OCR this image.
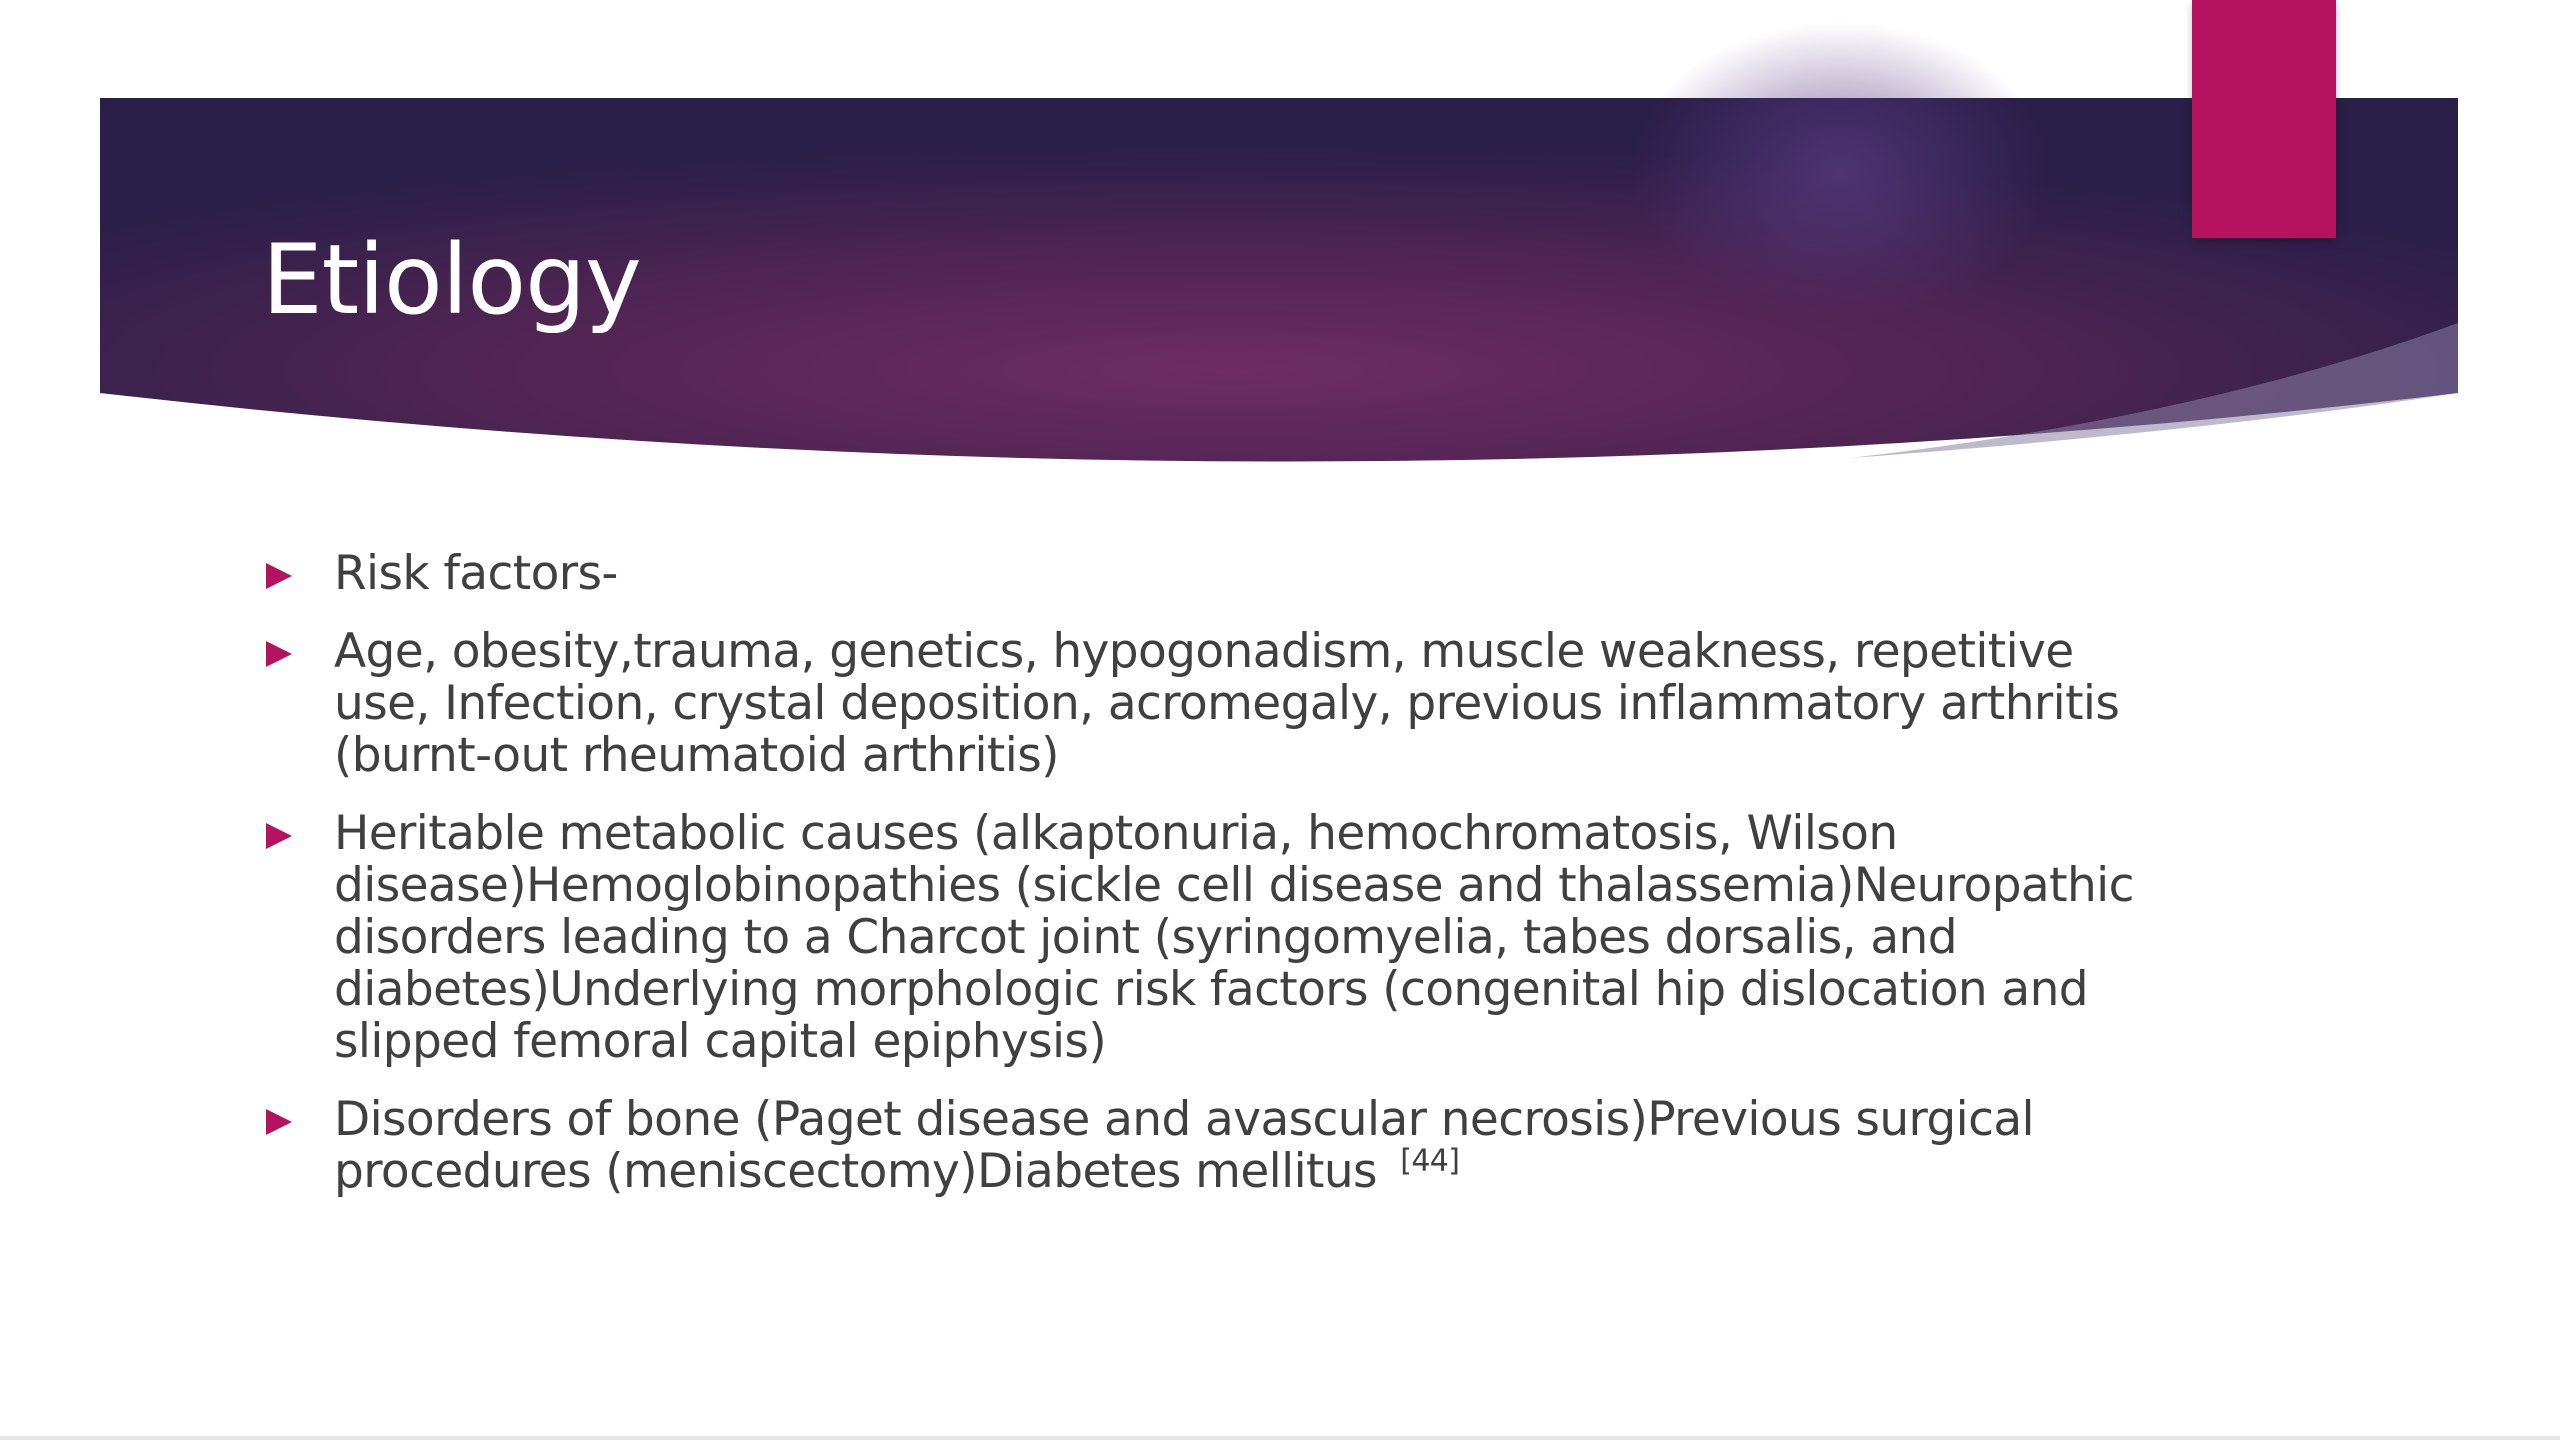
Etiology
Risk factors-
Age, obesity,trauma, genetics, hypogonadism, muscle weakness, repetitive use, Infection, crystal deposition, acromegaly, previous inflammatory arthritis (burnt-out rheumatoid arthritis)
Heritable metabolic causes (alkaptonuria, hemochromatosis, Wilson disease)Hemoglobinopathies (sickle cell disease and thalassemia)Neuropathic disorders leading to a Charcot joint (syringomyelia, tabes dorsalis, and diabetes)Underlying morphologic risk factors (congenital hip dislocation and slipped femoral capital epiphysis)
Disorders of bone (Paget disease and avascular necrosis)Previous surgical procedures (meniscectomy)Diabetes mellitus  [44]
